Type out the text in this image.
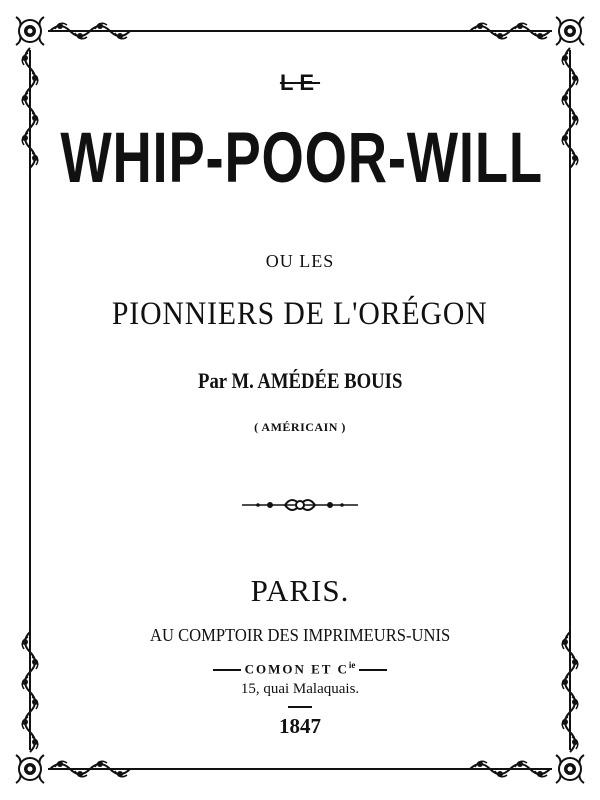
LE
WHIP-POOR-WILL
OU LES
PIONNIERS DE L'ORÉGON
Par M. AMÉDÉE BOUIS
( AMÉRICAIN )
PARIS.
AU COMPTOIR DES IMPRIMEURS-UNIS
COMON ET $C^{ie}$
15, quai Malaquais.
1847
